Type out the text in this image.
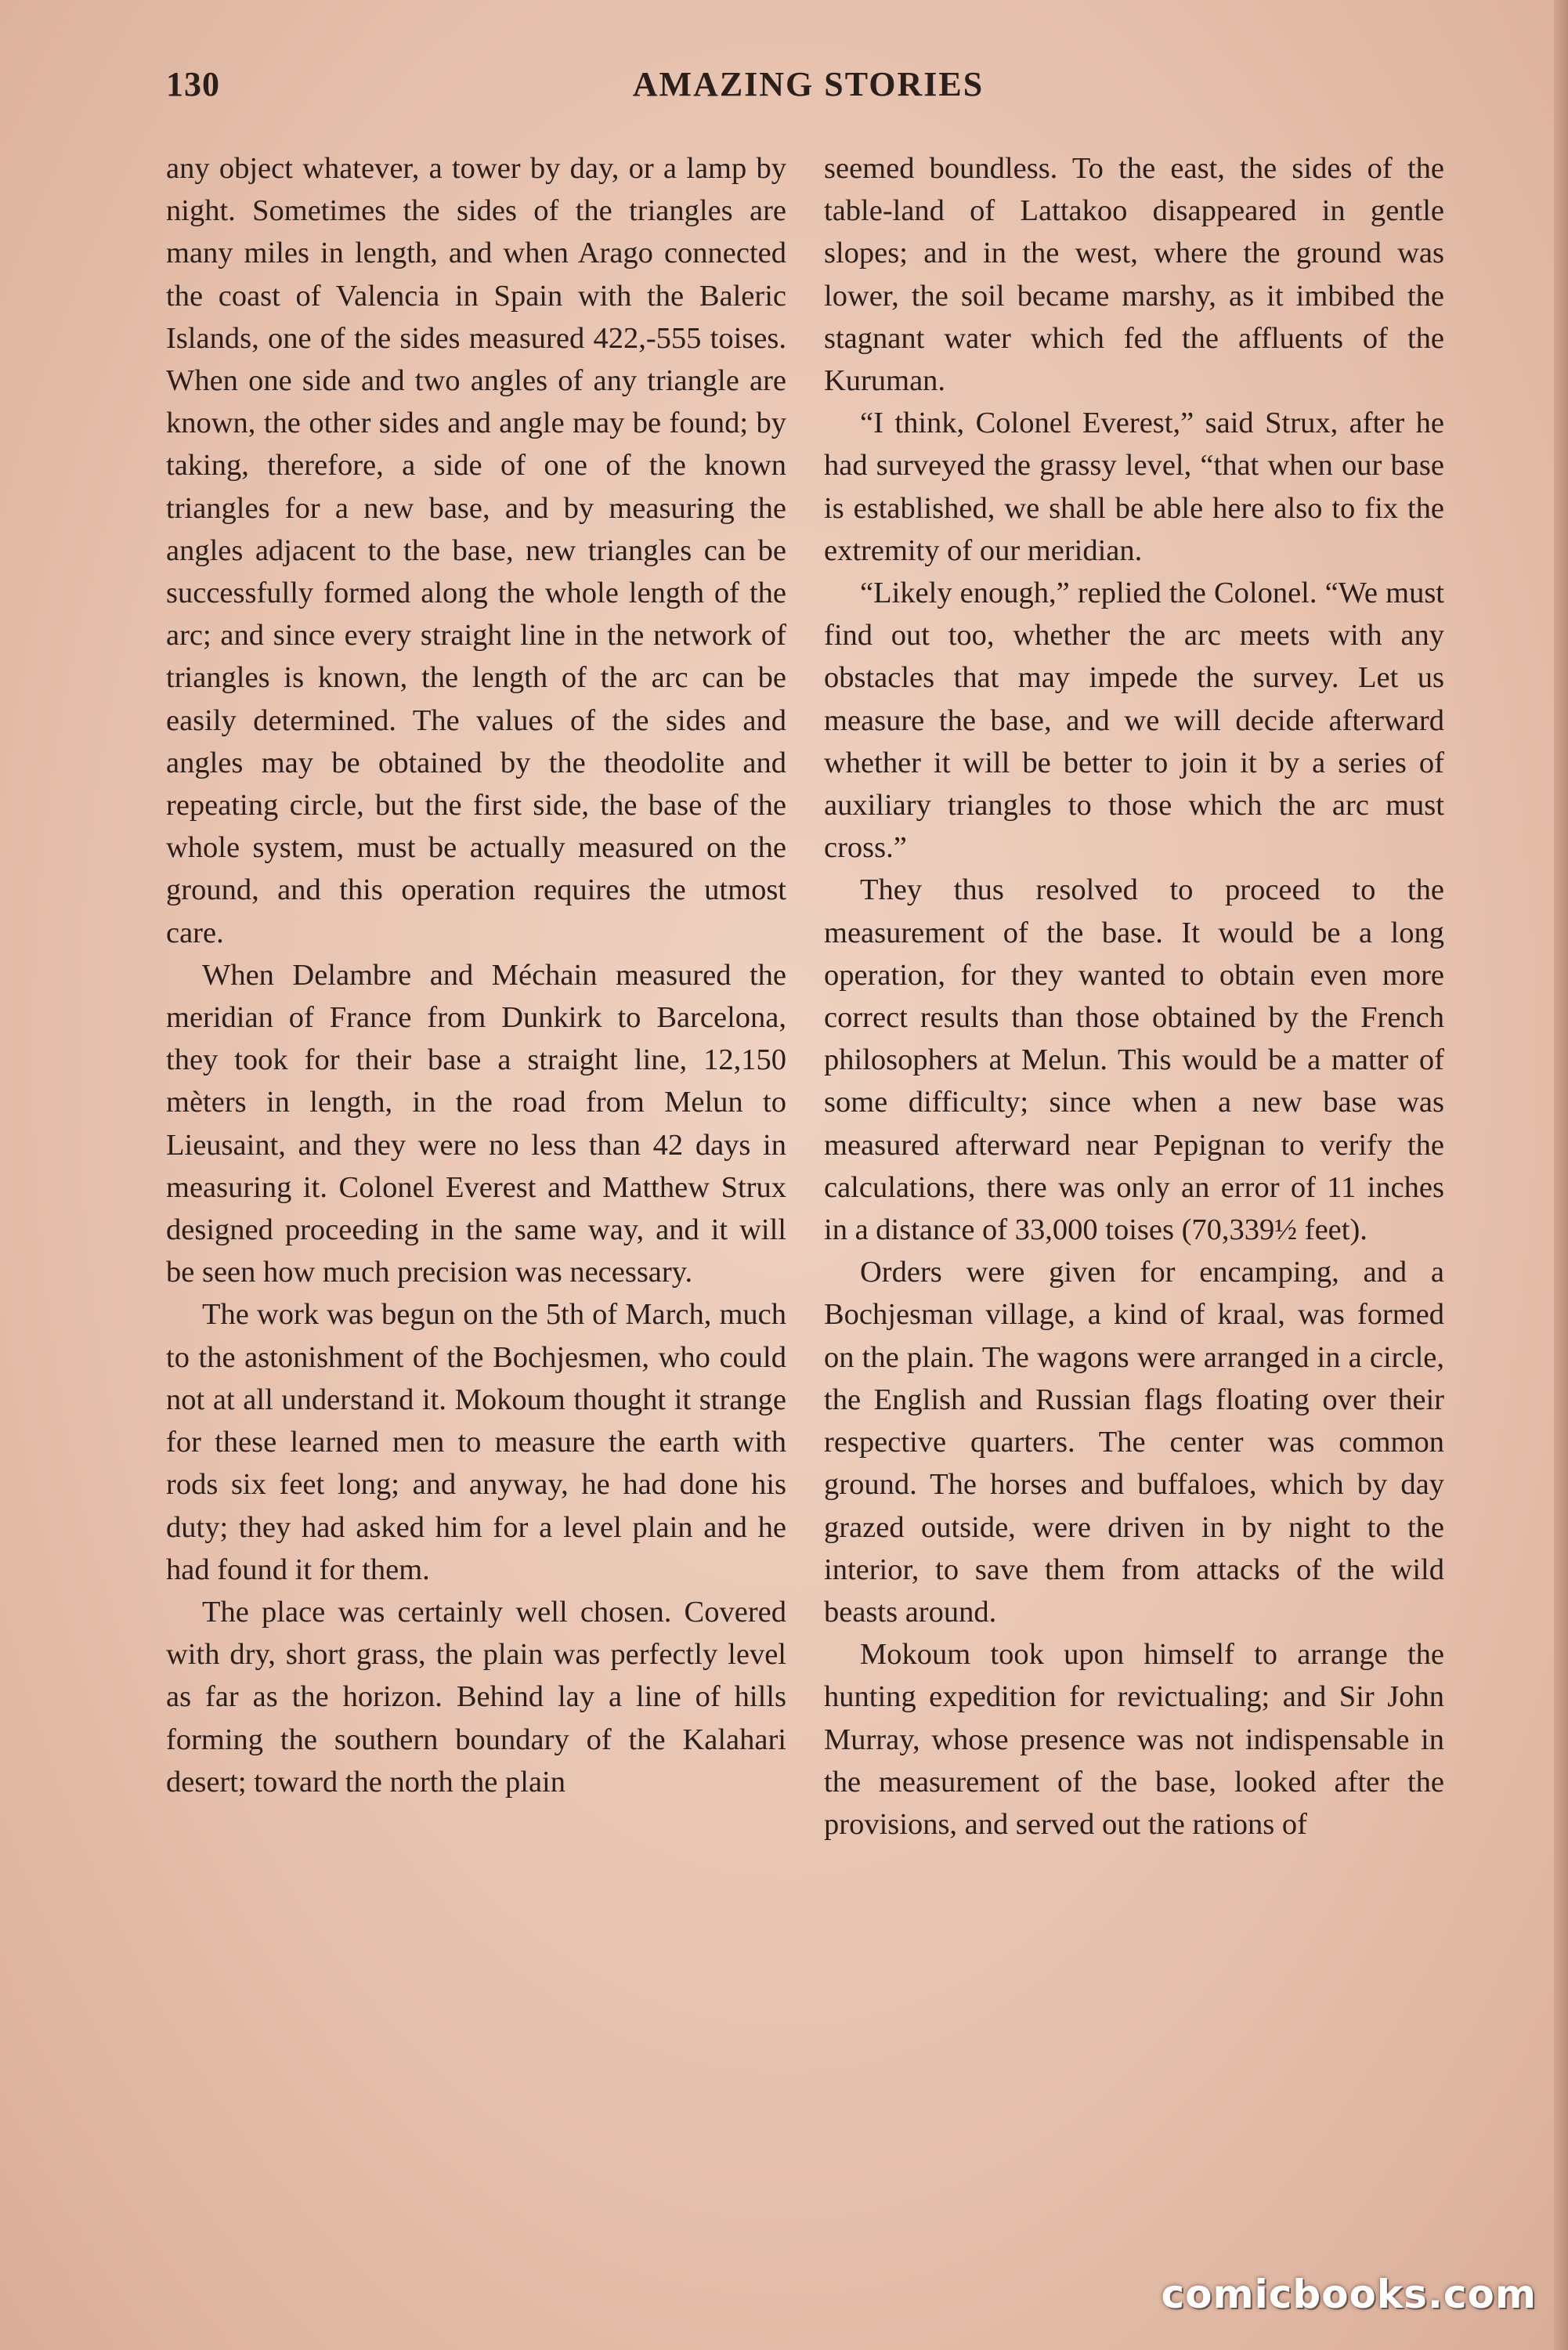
130	AMAZING STORIES

any object whatever, a tower by day, or a lamp by night. Sometimes the sides of the triangles are many miles in length, and when Arago connected the coast of Valencia in Spain with the Baleric Islands, one of the sides measured 422,-555 toises. When one side and two angles of any triangle are known, the other sides and angle may be found; by taking, therefore, a side of one of the known triangles for a new base, and by measuring the angles adjacent to the base, new triangles can be successfully formed along the whole length of the arc; and since every straight line in the network of triangles is known, the length of the arc can be easily determined. The values of the sides and angles may be obtained by the theodolite and repeating circle, but the first side, the base of the whole system, must be actually measured on the ground, and this operation requires the utmost care.

When Delambre and Méchain measured the meridian of France from Dunkirk to Barcelona, they took for their base a straight line, 12,150 mèters in length, in the road from Melun to Lieusaint, and they were no less than 42 days in measuring it. Colonel Everest and Matthew Strux designed proceeding in the same way, and it will be seen how much precision was necessary.

The work was begun on the 5th of March, much to the astonishment of the Bochjesmen, who could not at all understand it. Mokoum thought it strange for these learned men to measure the earth with rods six feet long; and anyway, he had done his duty; they had asked him for a level plain and he had found it for them.

The place was certainly well chosen. Covered with dry, short grass, the plain was perfectly level as far as the horizon. Behind lay a line of hills forming the southern boundary of the Kalahari desert; toward the north the plain

seemed boundless. To the east, the sides of the table-land of Lattakoo disappeared in gentle slopes; and in the west, where the ground was lower, the soil became marshy, as it imbibed the stagnant water which fed the affluents of the Kuruman.

“I think, Colonel Everest,” said Strux, after he had surveyed the grassy level, “that when our base is established, we shall be able here also to fix the extremity of our meridian.

“Likely enough,” replied the Colonel. “We must find out too, whether the arc meets with any obstacles that may impede the survey. Let us measure the base, and we will decide afterward whether it will be better to join it by a series of auxiliary triangles to those which the arc must cross.”

They thus resolved to proceed to the measurement of the base. It would be a long operation, for they wanted to obtain even more correct results than those obtained by the French philosophers at Melun. This would be a matter of some difficulty; since when a new base was measured afterward near Pepignan to verify the calculations, there was only an error of 11 inches in a distance of 33,000 toises (70,339½ feet).

Orders were given for encamping, and a Bochjesman village, a kind of kraal, was formed on the plain. The wagons were arranged in a circle, the English and Russian flags floating over their respective quarters. The center was common ground. The horses and buffaloes, which by day grazed outside, were driven in by night to the interior, to save them from attacks of the wild beasts around.

Mokoum took upon himself to arrange the hunting expedition for revictualing; and Sir John Murray, whose presence was not indispensable in the measurement of the base, looked after the provisions, and served out the rations of

comicbooks.com
